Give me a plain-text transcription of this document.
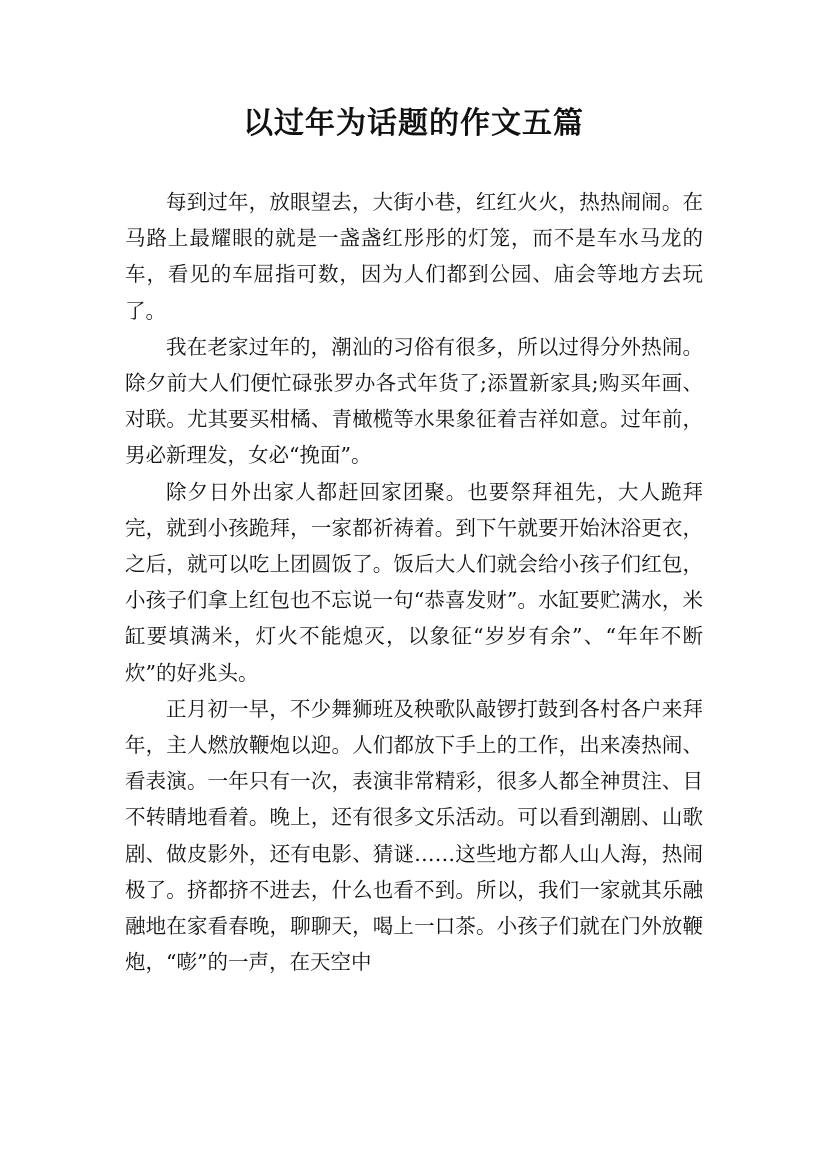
以过年为话题的作文五篇

每到过年，放眼望去，大街小巷，红红火火，热热闹闹。在马路上最耀眼的就是一盏盏红彤彤的灯笼，而不是车水马龙的车，看见的车屈指可数，因为人们都到公园、庙会等地方去玩了。

我在老家过年的，潮汕的习俗有很多，所以过得分外热闹。除夕前大人们便忙碌张罗办各式年货了;添置新家具;购买年画、对联。尤其要买柑橘、青橄榄等水果象征着吉祥如意。过年前，男必新理发，女必“挽面”。

除夕日外出家人都赶回家团聚。也要祭拜祖先，大人跪拜完，就到小孩跪拜，一家都祈祷着。到下午就要开始沐浴更衣，之后，就可以吃上团圆饭了。饭后大人们就会给小孩子们红包，小孩子们拿上红包也不忘说一句“恭喜发财”。水缸要贮满水，米缸要填满米，灯火不能熄灭，以象征“岁岁有余”、“年年不断炊”的好兆头。

正月初一早，不少舞狮班及秧歌队敲锣打鼓到各村各户来拜年，主人燃放鞭炮以迎。人们都放下手上的工作，出来凑热闹、看表演。一年只有一次，表演非常精彩，很多人都全神贯注、目不转睛地看着。晚上，还有很多文乐活动。可以看到潮剧、山歌剧、做皮影外，还有电影、猜谜……这些地方都人山人海，热闹极了。挤都挤不进去，什么也看不到。所以，我们一家就其乐融融地在家看春晚，聊聊天，喝上一口茶。小孩子们就在门外放鞭炮，“嘭”的一声，在天空中
